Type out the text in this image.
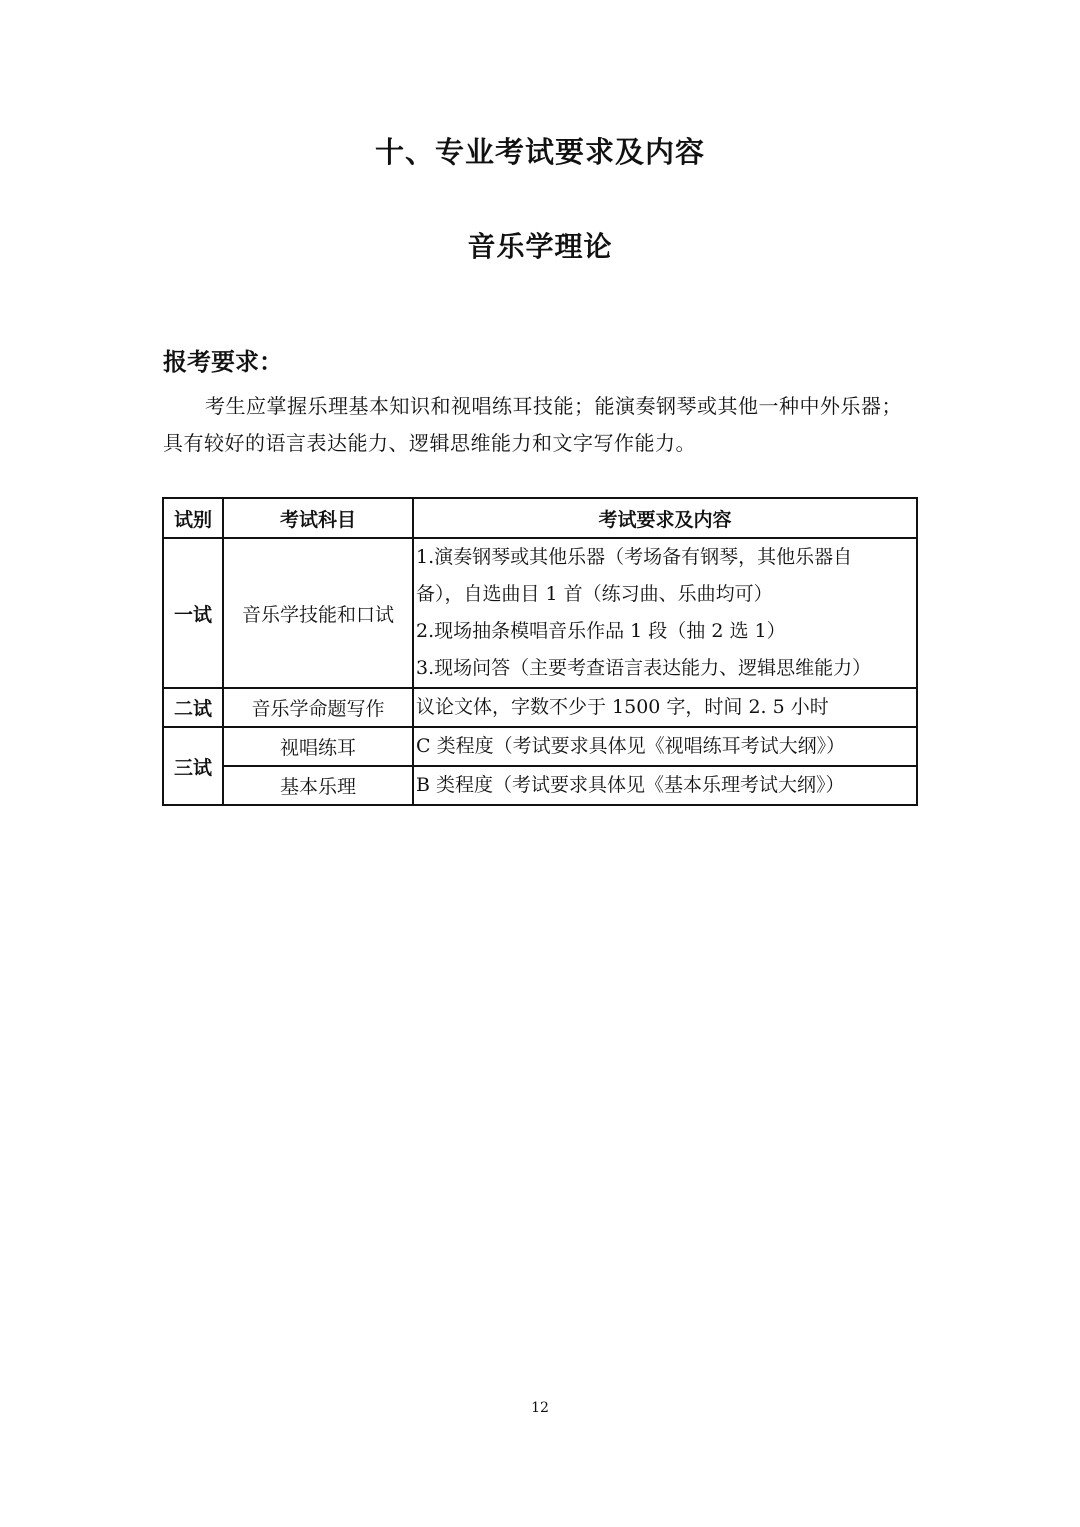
十、专业考试要求及内容
音乐学理论
报考要求：
考生应掌握乐理基本知识和视唱练耳技能；能演奏钢琴或其他一种中外乐器；具有较好的语言表达能力、逻辑思维能力和文字写作能力。
试别	考试科目	考试要求及内容
一试	音乐学技能和口试	1.演奏钢琴或其他乐器（考场备有钢琴，其他乐器自
备），自选曲目 1 首（练习曲、乐曲均可）
2.现场抽条模唱音乐作品 1 段（抽 2 选 1）
3.现场问答（主要考查语言表达能力、逻辑思维能力）

二试	音乐学命题写作	议论文体，字数不少于 1500 字，时间 2. 5 小时
三试	视唱练耳	C 类程度（考试要求具体见《视唱练耳考试大纲》）
	基本乐理	B 类程度（考试要求具体见《基本乐理考试大纲》）
12
